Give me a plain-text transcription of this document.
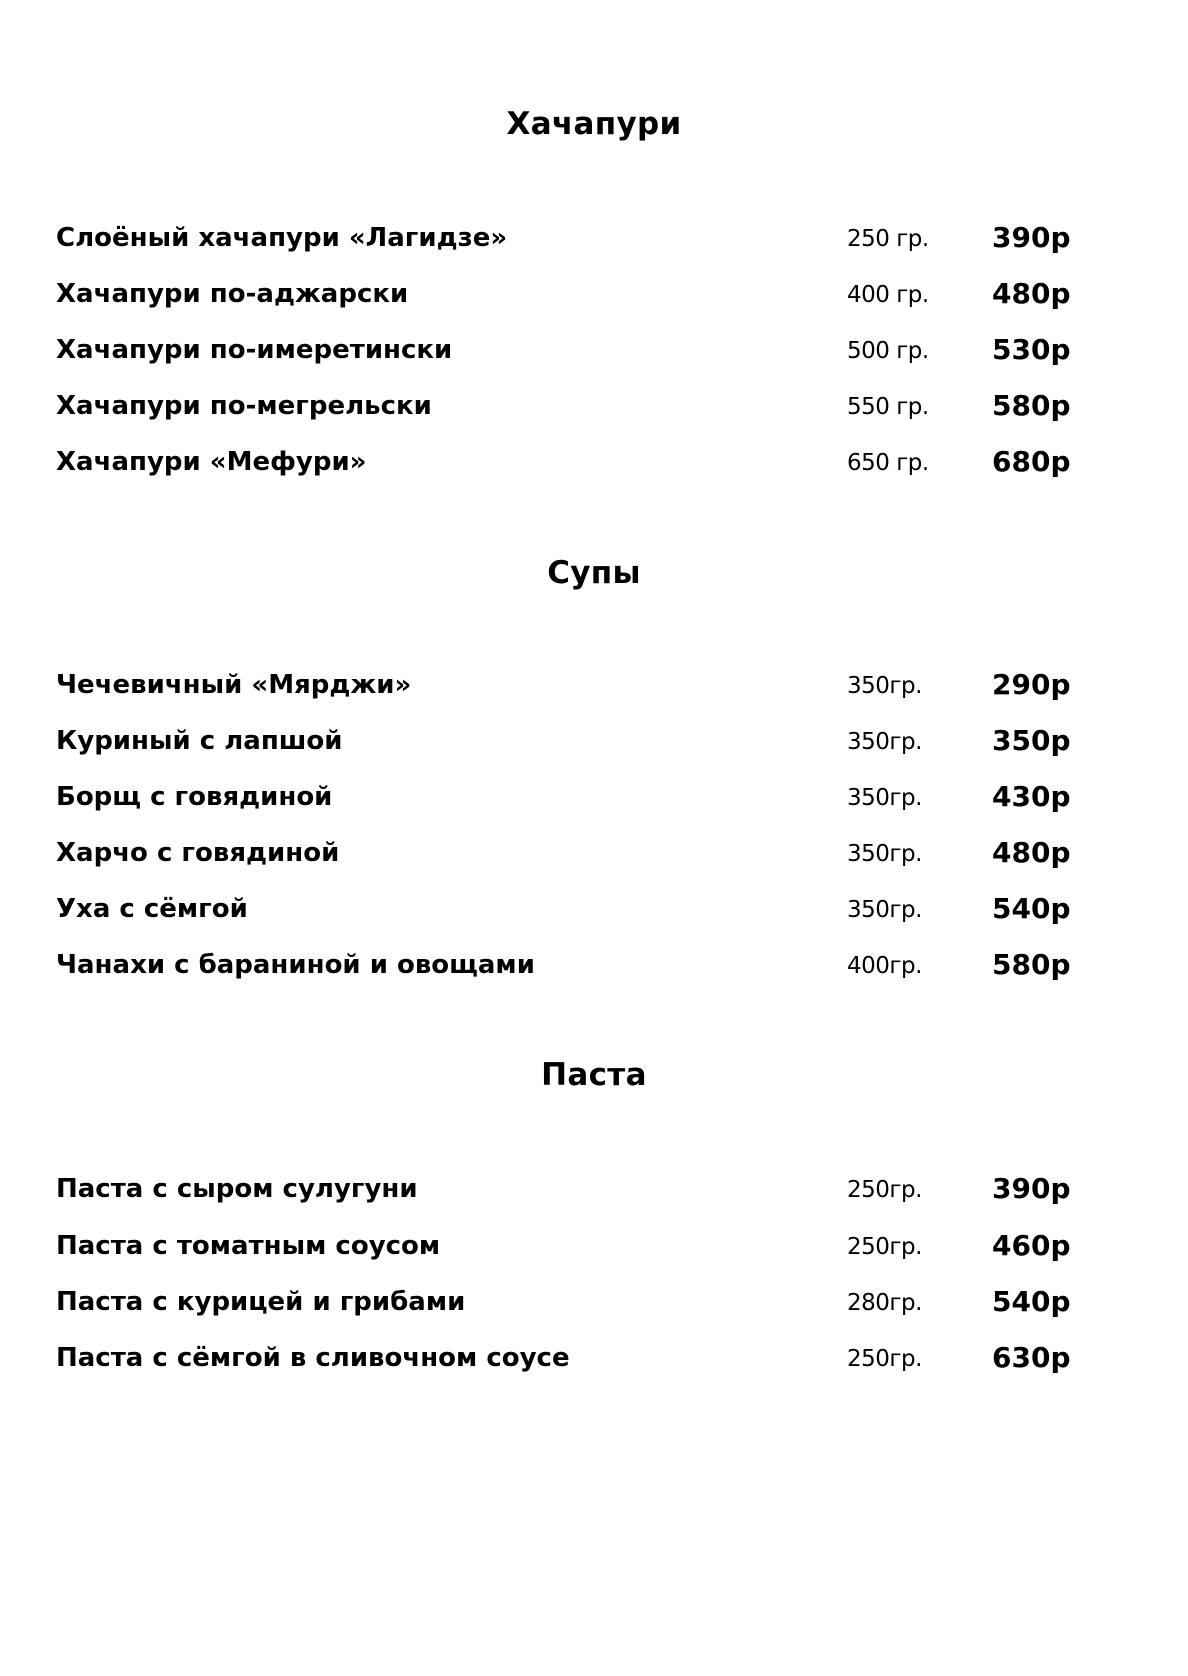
Хачапури
Слоёный хачапури «Лагидзе»	250 гр.	390р
Хачапури по-аджарски	400 гр.	480р
Хачапури по-имеретински	500 гр.	530р
Хачапури по-мегрельски	550 гр.	580р
Хачапури «Мефури»	650 гр.	680р
Супы
Чечевичный «Мярджи»	350гр.	290р
Куриный с лапшой	350гр.	350р
Борщ с говядиной	350гр.	430р
Харчо с говядиной	350гр.	480р
Уха с сёмгой	350гр.	540р
Чанахи с бараниной и овощами	400гр.	580р
Паста
Паста с сыром сулугуни	250гр.	390р
Паста с томатным соусом	250гр.	460р
Паста с курицей и грибами	280гр.	540р
Паста с сёмгой в сливочном соусе	250гр.	630р
